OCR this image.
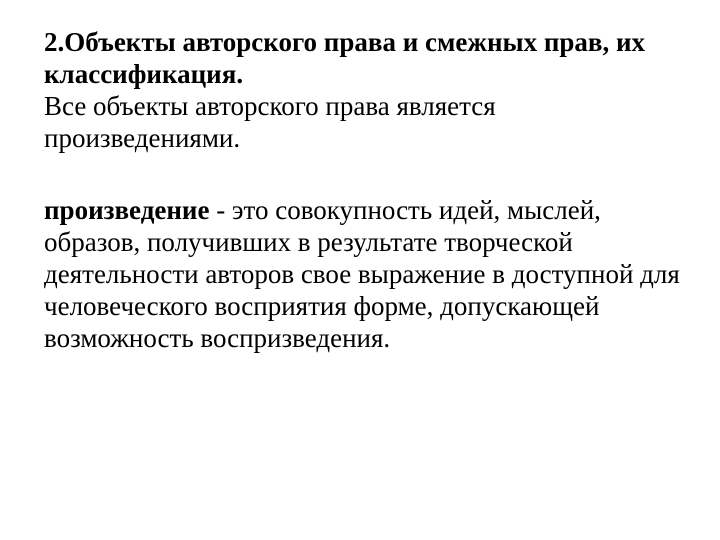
2.Объекты авторского права и смежных прав, их классификация.

Все объекты авторского права является произведениями.

произведение - это совокупность идей, мыслей, образов, получивших в результате творческой деятельности авторов свое выражение в доступной для человеческого восприятия форме, допускающей возможность воспризведения.
